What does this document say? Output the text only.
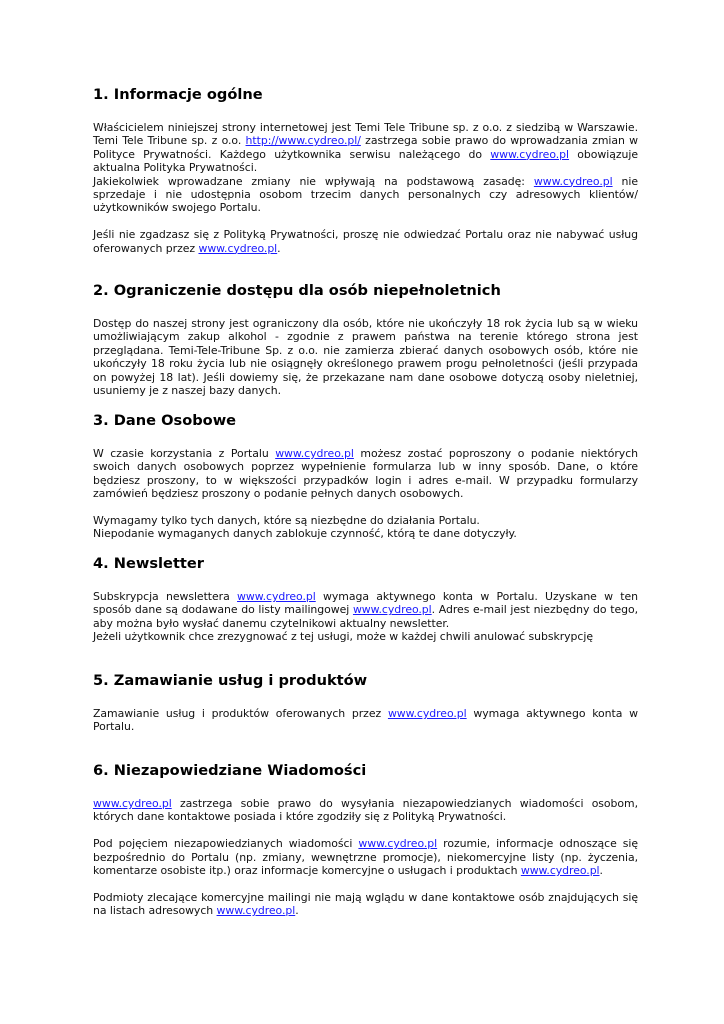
1. Informacje ogólne

Właścicielem niniejszej strony internetowej jest Temi Tele Tribune sp. z o.o. z siedzibą w Warszawie. Temi Tele Tribune sp. z o.o. http://www.cydreo.pl/ zastrzega sobie prawo do wprowadzania zmian w Polityce Prywatności. Każdego użytkownika serwisu należącego do www.cydreo.pl obowiązuje aktualna Polityka Prywatności.

Jakiekolwiek wprowadzane zmiany nie wpływają na podstawową zasadę: www.cydreo.pl nie sprzedaje i nie udostępnia osobom trzecim danych personalnych czy adresowych klientów/ użytkowników swojego Portalu.

Jeśli nie zgadzasz się z Polityką Prywatności, proszę nie odwiedzać Portalu oraz nie nabywać usług oferowanych przez www.cydreo.pl.

2. Ograniczenie dostępu dla osób niepełnoletnich

Dostęp do naszej strony jest ograniczony dla osób, które nie ukończyły 18 rok życia lub są w wieku umożliwiającym zakup alkohol - zgodnie z prawem państwa na terenie którego strona jest przeglądana. Temi-Tele-Tribune Sp. z o.o. nie zamierza zbierać danych osobowych osób, które nie ukończyły 18 roku życia lub nie osiągnęły określonego prawem progu pełnoletności (jeśli przypada on powyżej 18 lat). Jeśli dowiemy się, że przekazane nam dane osobowe dotyczą osoby nieletniej, usuniemy je z naszej bazy danych.

3. Dane Osobowe

W czasie korzystania z Portalu www.cydreo.pl możesz zostać poproszony o podanie niektórych swoich danych osobowych poprzez wypełnienie formularza lub w inny sposób. Dane, o które będziesz proszony, to w większości przypadków login i adres e-mail. W przypadku formularzy zamówień będziesz proszony o podanie pełnych danych osobowych.

Wymagamy tylko tych danych, które są niezbędne do działania Portalu.

Niepodanie wymaganych danych zablokuje czynność, którą te dane dotyczyły.

4. Newsletter

Subskrypcja newslettera www.cydreo.pl wymaga aktywnego konta w Portalu. Uzyskane w ten sposób dane są dodawane do listy mailingowej www.cydreo.pl. Adres e-mail jest niezbędny do tego, aby można było wysłać danemu czytelnikowi aktualny newsletter.

Jeżeli użytkownik chce zrezygnować z tej usługi, może w każdej chwili anulować subskrypcję

5. Zamawianie usług i produktów

Zamawianie usług i produktów oferowanych przez www.cydreo.pl wymaga aktywnego konta w Portalu.

6. Niezapowiedziane Wiadomości

www.cydreo.pl zastrzega sobie prawo do wysyłania niezapowiedzianych wiadomości osobom, których dane kontaktowe posiada i które zgodziły się z Polityką Prywatności.

Pod pojęciem niezapowiedzianych wiadomości www.cydreo.pl rozumie, informacje odnoszące się bezpośrednio do Portalu (np. zmiany, wewnętrzne promocje), niekomercyjne listy (np. życzenia, komentarze osobiste itp.) oraz informacje komercyjne o usługach i produktach www.cydreo.pl.

Podmioty zlecające komercyjne mailingi nie mają wglądu w dane kontaktowe osób znajdujących się na listach adresowych www.cydreo.pl.
